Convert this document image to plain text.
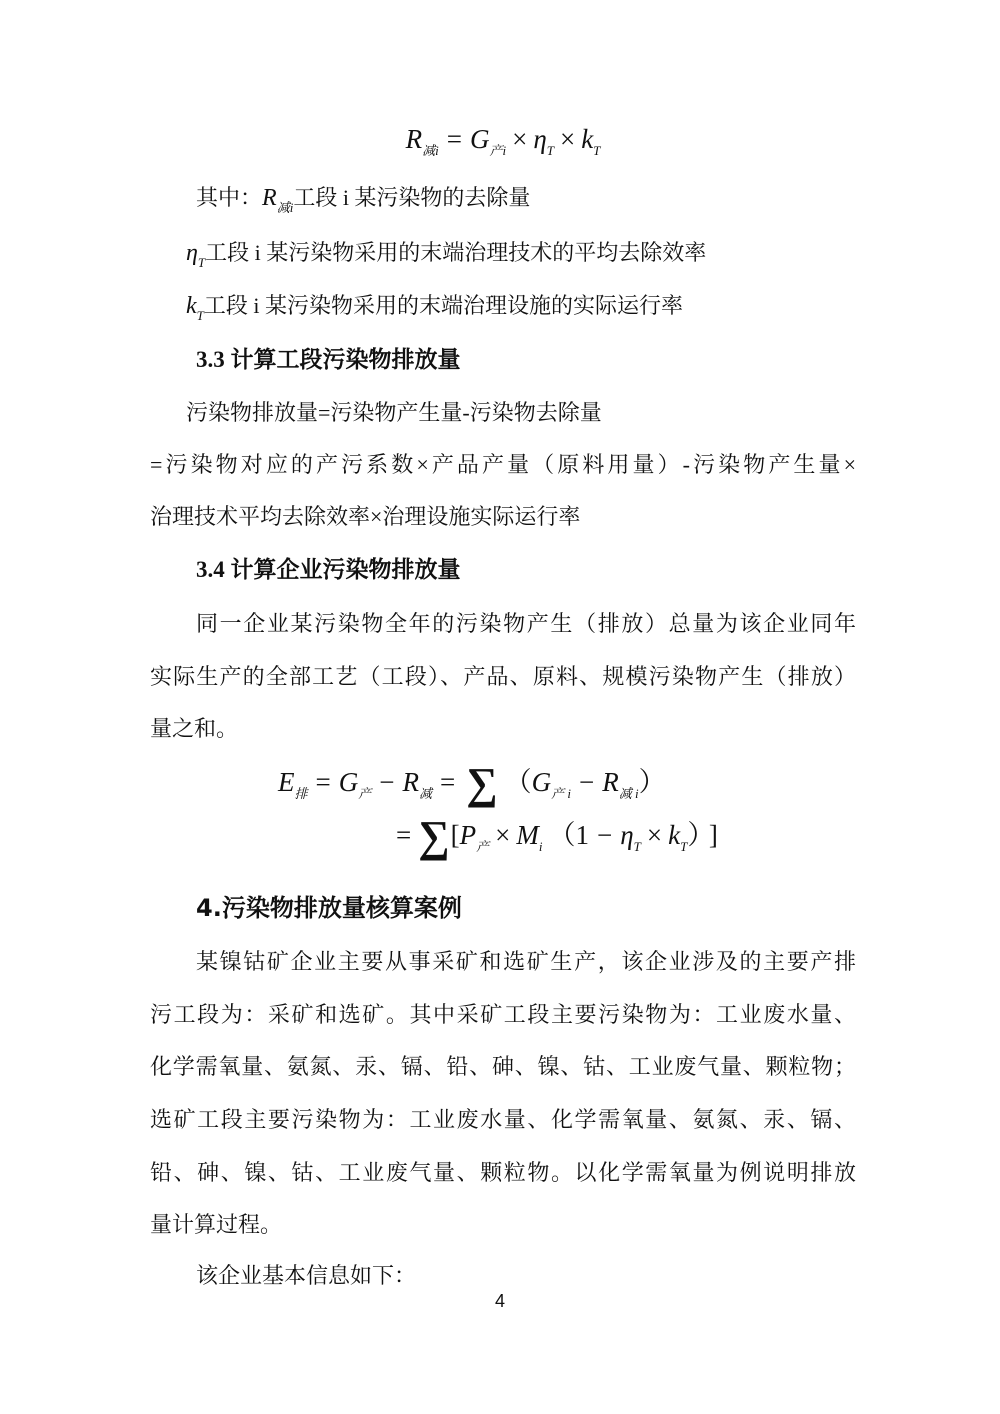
$R_{减i} = G_{产i} \times \eta_T \times k_T$
其中：$R_{减i}$工段 i 某污染物的去除量
$\eta_T$工段 i 某污染物采用的末端治理技术的平均去除效率
$k_T$工段 i 某污染物采用的末端治理设施的实际运行率
3.3 计算工段污染物排放量
污染物排放量=污染物产生量-污染物去除量
=污染物对应的产污系数×产品产量（原料用量）-污染物产生量×
治理技术平均去除效率×治理设施实际运行率
3.4 计算企业污染物排放量
同一企业某污染物全年的污染物产生（排放）总量为该企业同年
实际生产的全部工艺（工段）、产品、原料、规模污染物产生（排放）
量之和。
$E_排 = G_产 - R_减$ = ∑ $(G_{产 i} - R_{减 i})$
= $\sum[P_产 \times M_i$ $(1 - \eta_T \times k_T)$ ]
4.污染物排放量核算案例
某镍钴矿企业主要从事采矿和选矿生产，该企业涉及的主要产排
污工段为：采矿和选矿。其中采矿工段主要污染物为：工业废水量、
化学需氧量、氨氮、汞、镉、铅、砷、镍、钴、工业废气量、颗粒物；
选矿工段主要污染物为：工业废水量、化学需氧量、氨氮、汞、镉、
铅、砷、镍、钴、工业废气量、颗粒物。以化学需氧量为例说明排放
量计算过程。
该企业基本信息如下：
4
